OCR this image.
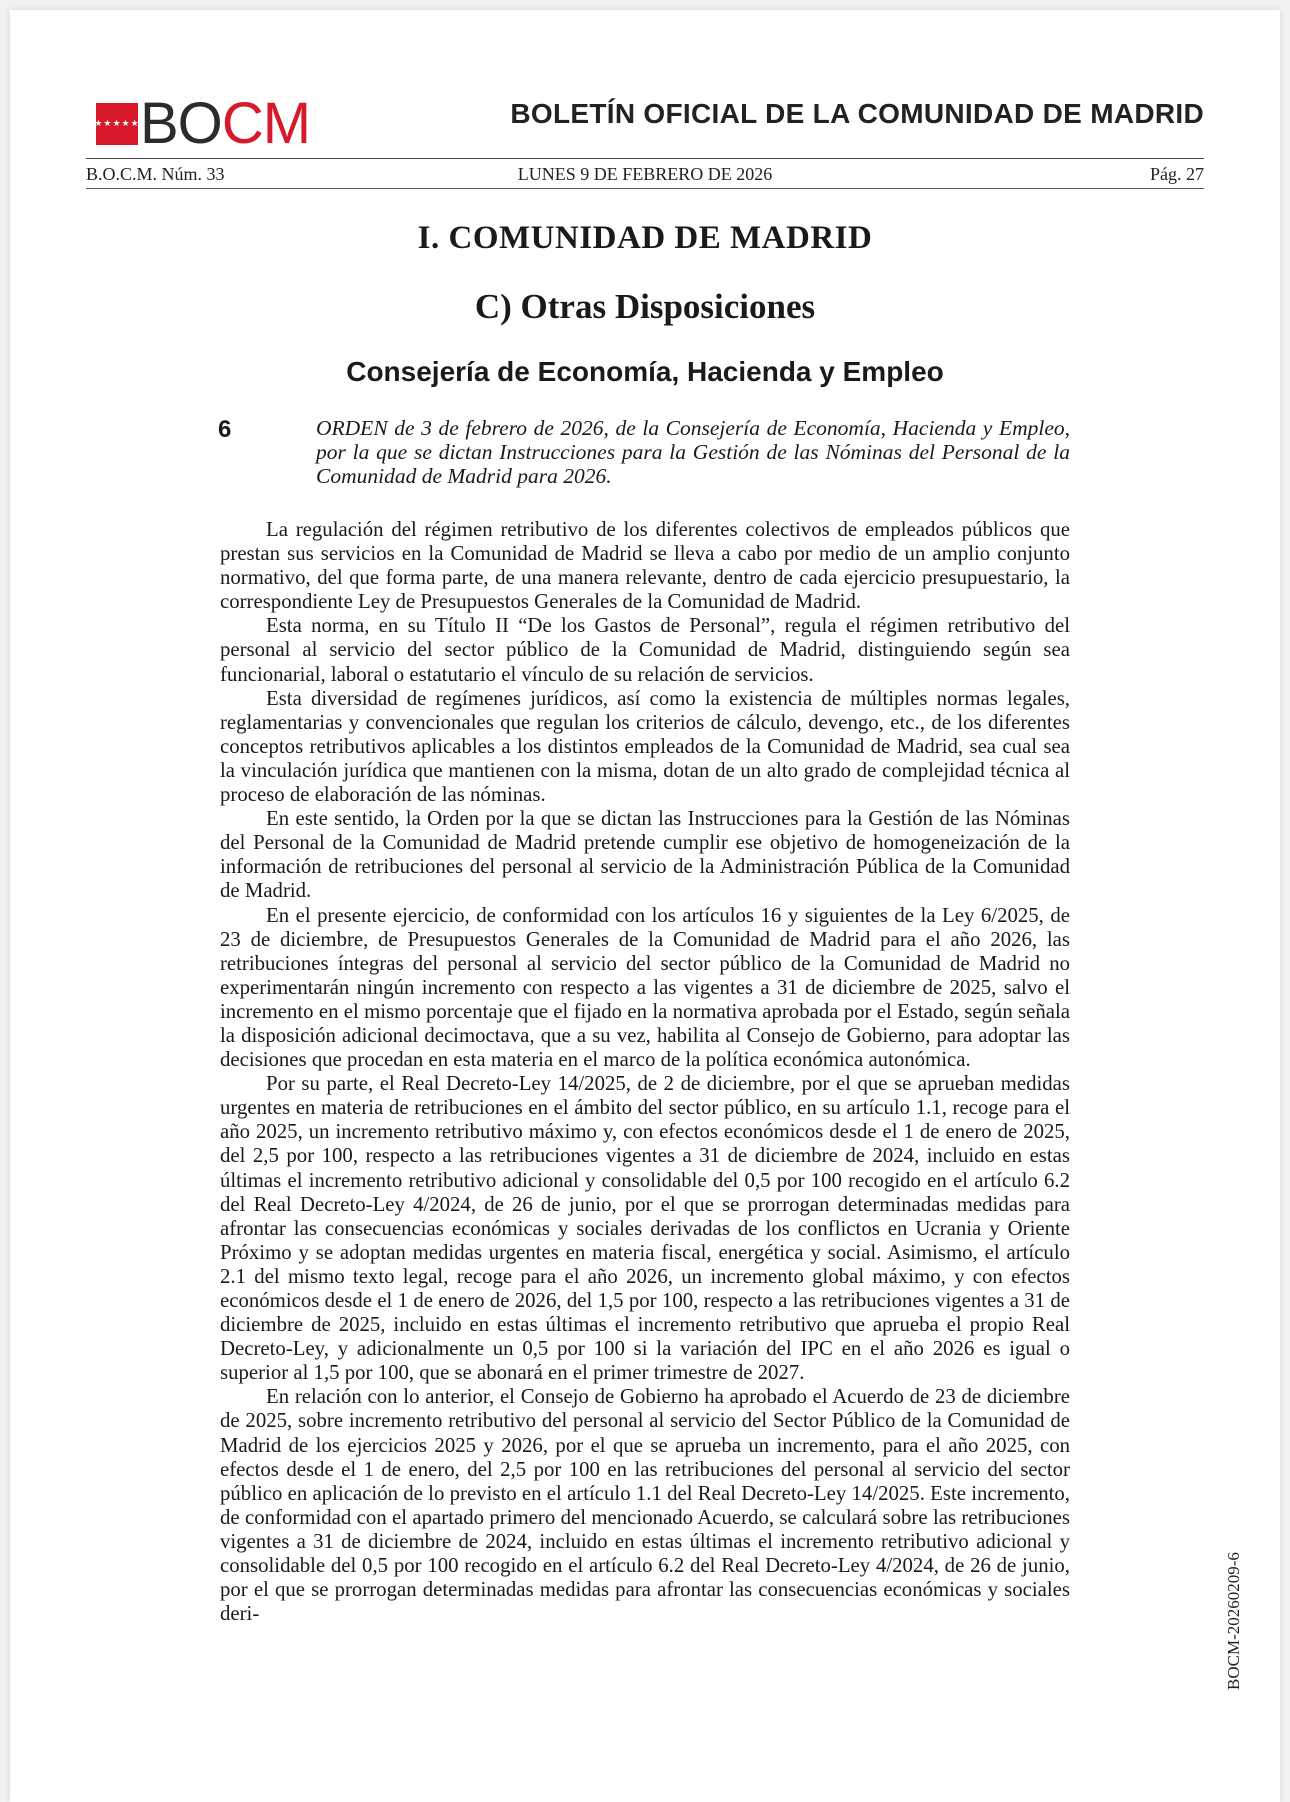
★★★★★★★
BOCM	BOLETÍN OFICIAL DE LA COMUNIDAD DE MADRID
LUNES 9 DE FEBRERO DE 2026
B.O.C.M. Núm. 33	Pág. 27
I. COMUNIDAD DE MADRID
C) Otras Disposiciones
Consejería de Economía, Hacienda y Empleo
6	ORDEN de 3 de febrero de 2026, de la Consejería de Economía, Hacienda y Empleo, por la que se dictan Instrucciones para la Gestión de las Nóminas del Personal de la Comunidad de Madrid para 2026.

La regulación del régimen retributivo de los diferentes colectivos de empleados públicos que prestan sus servicios en la Comunidad de Madrid se lleva a cabo por medio de un amplio conjunto normativo, del que forma parte, de una manera relevante, dentro de cada ejercicio presupuestario, la correspondiente Ley de Presupuestos Generales de la Comunidad de Madrid.

Esta norma, en su Título II “De los Gastos de Personal”, regula el régimen retributivo del personal al servicio del sector público de la Comunidad de Madrid, distinguiendo según sea funcionarial, laboral o estatutario el vínculo de su relación de servicios.

Esta diversidad de regímenes jurídicos, así como la existencia de múltiples normas legales, reglamentarias y convencionales que regulan los criterios de cálculo, devengo, etc., de los diferentes conceptos retributivos aplicables a los distintos empleados de la Comunidad de Madrid, sea cual sea la vinculación jurídica que mantienen con la misma, dotan de un alto grado de complejidad técnica al proceso de elaboración de las nóminas.

En este sentido, la Orden por la que se dictan las Instrucciones para la Gestión de las Nóminas del Personal de la Comunidad de Madrid pretende cumplir ese objetivo de homogeneización de la información de retribuciones del personal al servicio de la Administración Pública de la Comunidad de Madrid.

En el presente ejercicio, de conformidad con los artículos 16 y siguientes de la Ley 6/2025, de 23 de diciembre, de Presupuestos Generales de la Comunidad de Madrid para el año 2026, las retribuciones íntegras del personal al servicio del sector público de la Comunidad de Madrid no experimentarán ningún incremento con respecto a las vigentes a 31 de diciembre de 2025, salvo el incremento en el mismo porcentaje que el fijado en la normativa aprobada por el Estado, según señala la disposición adicional decimoctava, que a su vez, habilita al Consejo de Gobierno, para adoptar las decisiones que procedan en esta materia en el marco de la política económica autonómica.

Por su parte, el Real Decreto-Ley 14/2025, de 2 de diciembre, por el que se aprueban medidas urgentes en materia de retribuciones en el ámbito del sector público, en su artículo 1.1, recoge para el año 2025, un incremento retributivo máximo y, con efectos económicos desde el 1 de enero de 2025, del 2,5 por 100, respecto a las retribuciones vigentes a 31 de diciembre de 2024, incluido en estas últimas el incremento retributivo adicional y consolidable del 0,5 por 100 recogido en el artículo 6.2 del Real Decreto-Ley 4/2024, de 26 de junio, por el que se prorrogan determinadas medidas para afrontar las consecuencias económicas y sociales derivadas de los conflictos en Ucrania y Oriente Próximo y se adoptan medidas urgentes en materia fiscal, energética y social. Asimismo, el artículo 2.1 del mismo texto legal, recoge para el año 2026, un incremento global máximo, y con efectos económicos desde el 1 de enero de 2026, del 1,5 por 100, respecto a las retribuciones vigentes a 31 de diciembre de 2025, incluido en estas últimas el incremento retributivo que aprueba el propio Real Decreto-Ley, y adicionalmente un 0,5 por 100 si la variación del IPC en el año 2026 es igual o superior al 1,5 por 100, que se abonará en el primer trimestre de 2027.

En relación con lo anterior, el Consejo de Gobierno ha aprobado el Acuerdo de 23 de diciembre de 2025, sobre incremento retributivo del personal al servicio del Sector Público de la Comunidad de Madrid de los ejercicios 2025 y 2026, por el que se aprueba un incremento, para el año 2025, con efectos desde el 1 de enero, del 2,5 por 100 en las retribuciones del personal al servicio del sector público en aplicación de lo previsto en el artículo 1.1 del Real Decreto-Ley 14/2025. Este incremento, de conformidad con el apartado primero del mencionado Acuerdo, se calculará sobre las retribuciones vigentes a 31 de diciembre de 2024, incluido en estas últimas el incremento retributivo adicional y consolidable del 0,5 por 100 recogido en el artículo 6.2 del Real Decreto-Ley 4/2024, de 26 de junio, por el que se prorrogan determinadas medidas para afrontar las consecuencias económicas y sociales deri-	BOCM-20260209-6
